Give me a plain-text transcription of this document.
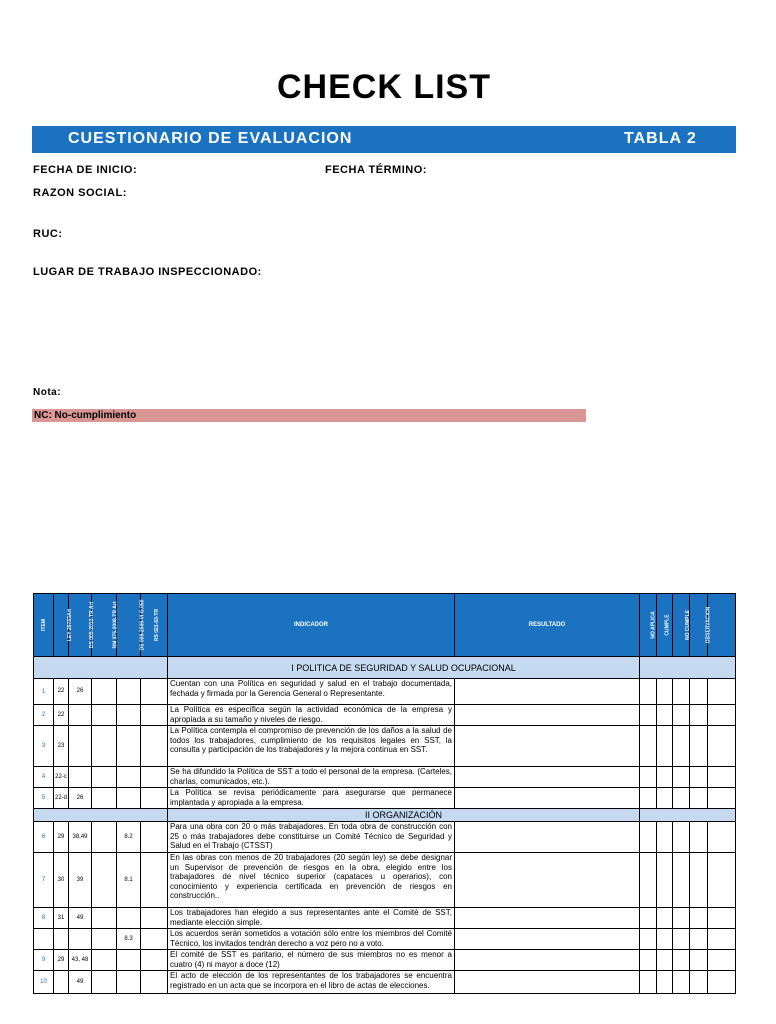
CHECK LIST
CUESTIONARIO DE EVALUACION	TABLA 2
FECHA DE INICIO:	FECHA TÉRMINO:
RAZON SOCIAL:
RUC:
LUGAR DE TRABAJO INSPECCIONADO:
Nota:
NC: No-cumplimiento
ITEM	LEY 29783Art	DS 005-2012-TR Art	RM 375-2008-TR Art	DS 009-2009-VI G.050	RS 021-83-TR	INDICADOR	RESULTADO	NO APLICA	CUMPLE	NO CUMPLE	OBSERVACION	OPORTUNIDAD DE MEJORA
						I POLITICA DE SEGURIDAD Y SALUD OCUPACIONAL						
1	22	26				Cuentan con una Política en seguridad y salud en el trabajo documentada, fechada y firmada por la Gerencia General o Representante.						
2	22					La Política es específica según la actividad económica de la empresa y apropiada a su tamaño y niveles de riesgo.						
3	23					La Política contempla el compromiso de prevención de los daños a la salud de todos los trabajadores, cumplimiento de los requisitos legales en SST, la consulta y participación de los trabajadores y la mejora continua en SST.						
4	22-c					Se ha difundido la Política de SST a todo el personal de la empresa. (Carteles, charlas, comunicados, etc.).						
5	22-d	26				La Política se revisa periódicamente para asegurarse que permanece implantada y apropiada a la empresa.						
						II ORGANIZACIÓN						
6	29	38,49		8.2		Para una obra con 20 o más trabajadores. En toda obra de construcción con 25 o más trabajadores debe constituirse un Comité Técnico de Seguridad y Salud en el Trabajo (CTSST)						
7	30	39		8.1		En las obras con menos de 20 trabajadores (20 según ley) se debe designar un Supervisor de prevención de riesgos en la obra, elegido entre los trabajadores de nivel técnico superior (capataces u operarios), con conocimiento y experiencia certificada en prevención de riesgos en construcción..						
8	31	49				Los trabajadores han elegido a sus representantes ante el Comité de SST, mediante elección simple.						
				8.3		Los acuerdos serán sometidos a votación sólo entre los miembros del Comité Técnico, los invitados tendrán derecho a voz pero no a voto.						
9	29	43, 48				El comité de SST es paritario, el número de sus miembros no es menor a cuatro (4) ni mayor a doce (12)						
10		49				El acto de elección de los representantes de los trabajadores se encuentra registrado en un acta que se incorpora en el libro de actas de elecciones.						
